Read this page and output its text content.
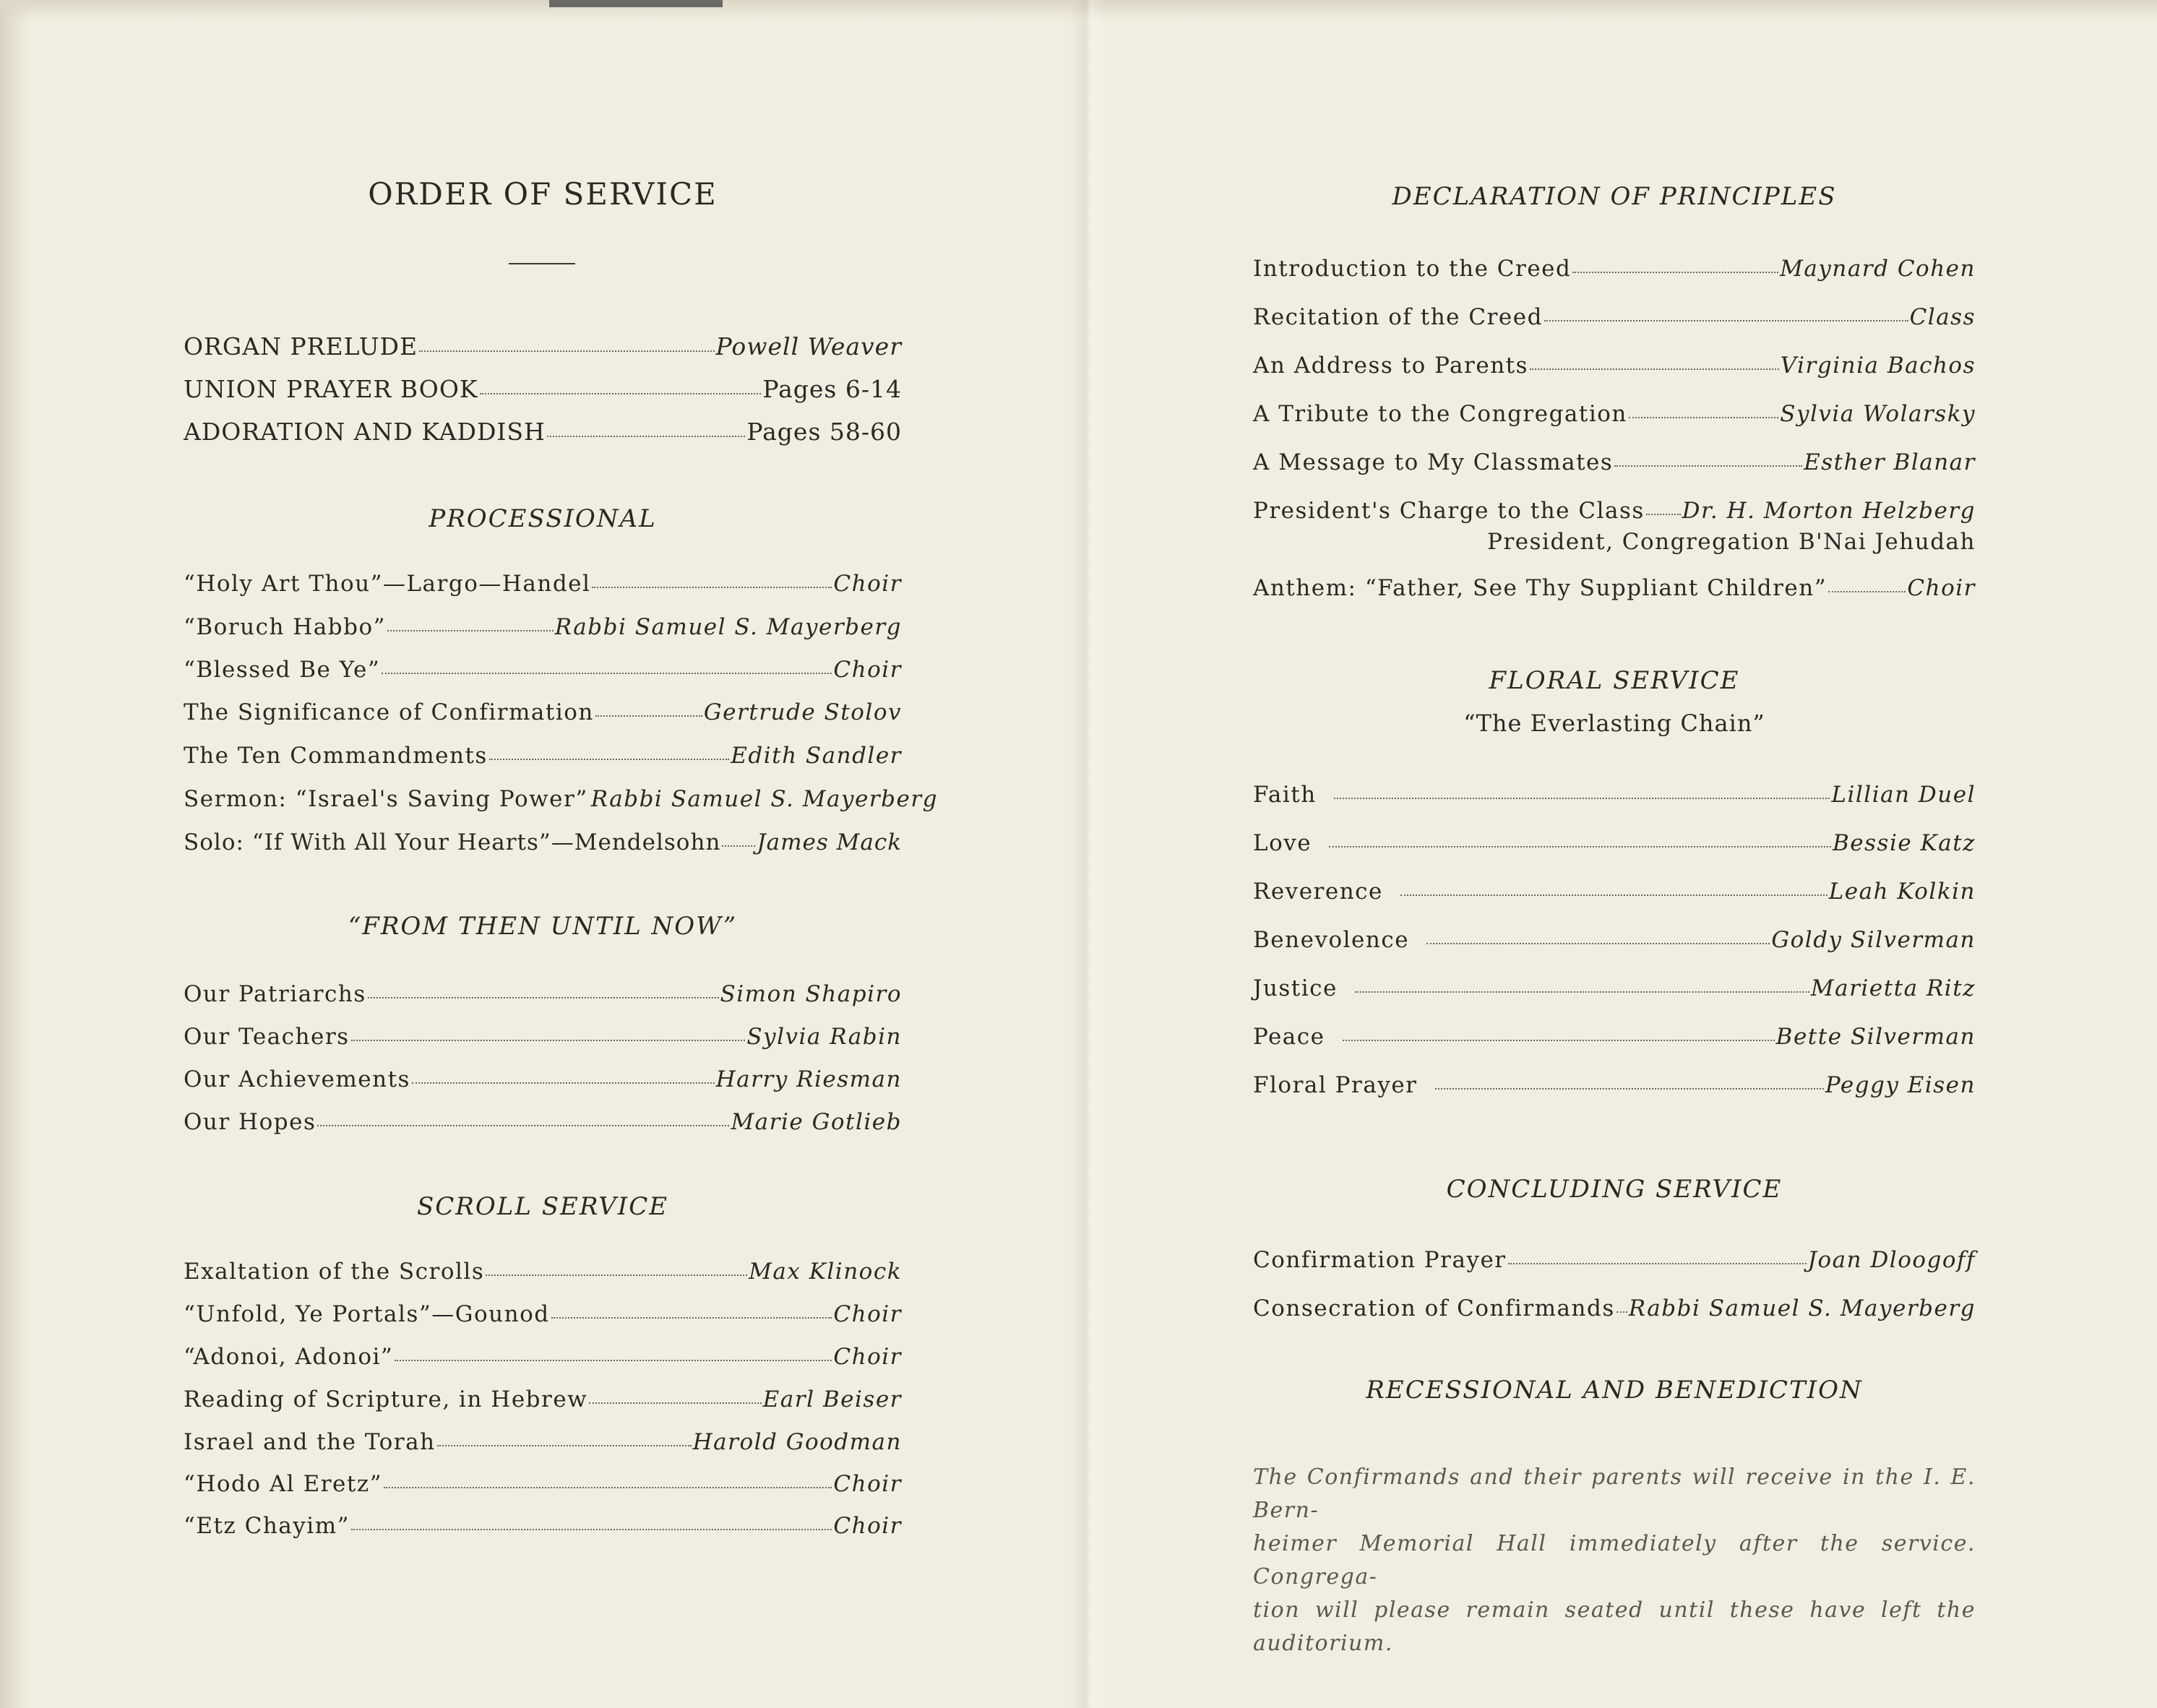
ORDER OF SERVICE
ORGAN PRELUDE	Powell Weaver
UNION PRAYER BOOK	Pages 6-14
ADORATION AND KADDISH	Pages 58-60
PROCESSIONAL
“Holy Art Thou”—Largo—Handel	Choir
“Boruch Habbo”	Rabbi Samuel S. Mayerberg
“Blessed Be Ye”	Choir
The Significance of Confirmation	Gertrude Stolov
The Ten Commandments	Edith Sandler
Sermon: “Israel's Saving Power” Rabbi Samuel S. Mayerberg
Solo: “If With All Your Hearts”—Mendelsohn James Mack
“FROM THEN UNTIL NOW”
Our Patriarchs	Simon Shapiro
Our Teachers	Sylvia Rabin
Our Achievements	Harry Riesman
Our Hopes	Marie Gotlieb
SCROLL SERVICE
Exaltation of the Scrolls	Max Klinock
“Unfold, Ye Portals”—Gounod	Choir
“Adonoi, Adonoi”	Choir
Reading of Scripture, in Hebrew	Earl Beiser
Israel and the Torah	Harold Goodman
“Hodo Al Eretz”	Choir
“Etz Chayim”	Choir
DECLARATION OF PRINCIPLES
Introduction to the Creed	Maynard Cohen
Recitation of the Creed	Class
An Address to Parents	Virginia Bachos
A Tribute to the Congregation	Sylvia Wolarsky
A Message to My Classmates	Esther Blanar
President's Charge to the Class Dr. H. Morton Helzberg
President, Congregation B'Nai Jehudah
Anthem: “Father, See Thy Suppliant Children”	Choir
FLORAL SERVICE
“The Everlasting Chain”
Faith	Lillian Duel
Love	Bessie Katz
Reverence	Leah Kolkin
Benevolence	Goldy Silverman
Justice	Marietta Ritz
Peace	Bette Silverman
Floral Prayer	Peggy Eisen
CONCLUDING SERVICE
Confirmation Prayer	Joan Dloogoff
Consecration of Confirmands Rabbi Samuel S. Mayerberg
RECESSIONAL AND BENEDICTION
The Confirmands and their parents will receive in the I. E. Bern-
heimer Memorial Hall immediately after the service. Congrega-
tion will please remain seated until these have left the auditorium.
